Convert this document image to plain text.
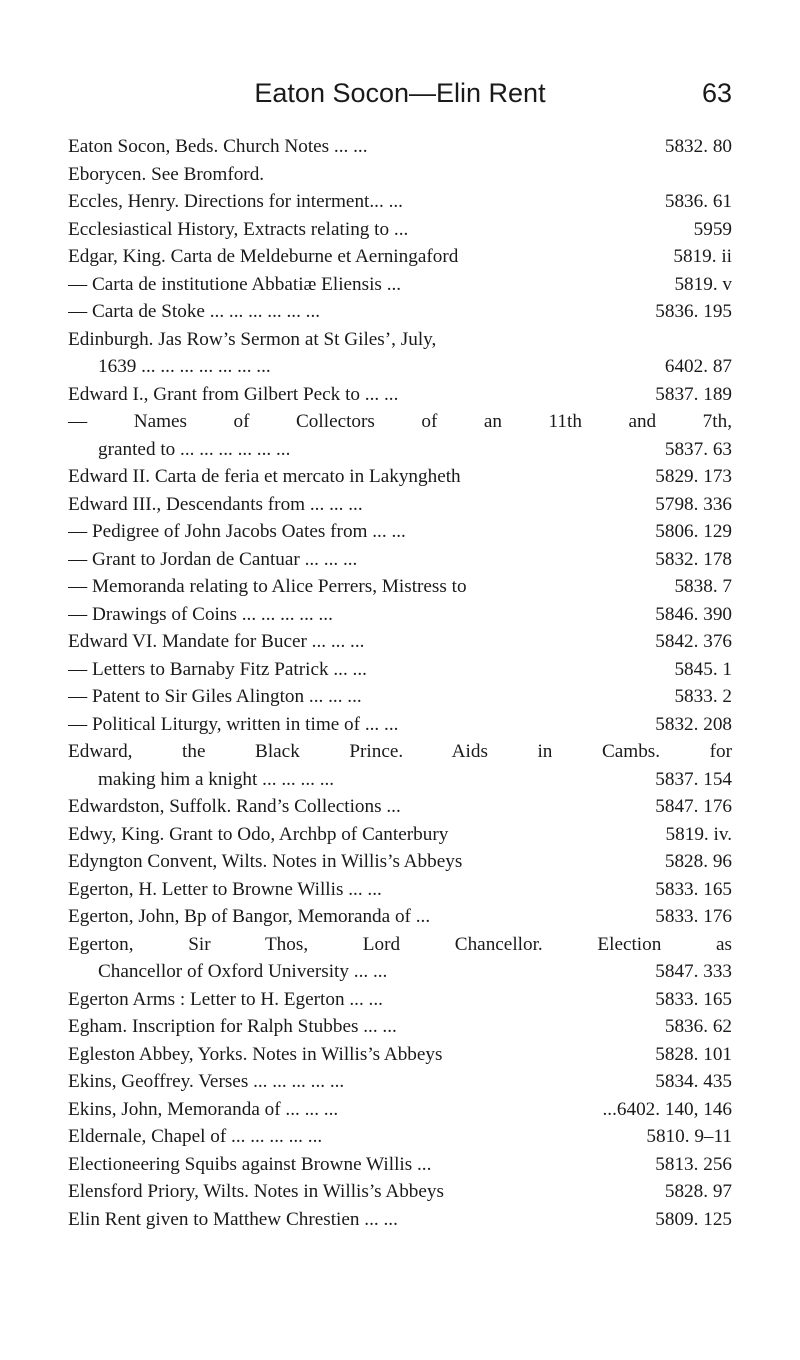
Eaton Socon—Elin Rent	63
Eaton Socon, Beds. Church Notes ... ...	5832. 80
Eborycen. See Bromford.
Eccles, Henry. Directions for interment... ...	5836. 61
Ecclesiastical History, Extracts relating to ...	5959
Edgar, King. Carta de Meldeburne et Aerningaford	5819. ii
— Carta de institutione Abbatiæ Eliensis ...	5819. v
— Carta de Stoke ... ... ... ... ... ...	5836. 195
Edinburgh. Jas Row’s Sermon at St Giles’, July,
1639 ... ... ... ... ... ... ...	6402. 87
Edward I., Grant from Gilbert Peck to ... ...	5837. 189
— Names of Collectors of an 11th and 7th,
granted to ... ... ... ... ... ...	5837. 63
Edward II. Carta de feria et mercato in Lakyngheth	5829. 173
Edward III., Descendants from ... ... ...	5798. 336
— Pedigree of John Jacobs Oates from ... ...	5806. 129
— Grant to Jordan de Cantuar ... ... ...	5832. 178
— Memoranda relating to Alice Perrers, Mistress to	5838. 7
— Drawings of Coins ... ... ... ... ...	5846. 390
Edward VI. Mandate for Bucer ... ... ...	5842. 376
— Letters to Barnaby Fitz Patrick ... ...	5845. 1
— Patent to Sir Giles Alington ... ... ...	5833. 2
— Political Liturgy, written in time of ... ...	5832. 208
Edward, the Black Prince. Aids in Cambs. for
making him a knight ... ... ... ...	5837. 154
Edwardston, Suffolk. Rand’s Collections ...	5847. 176
Edwy, King. Grant to Odo, Archbp of Canterbury	5819. iv.
Edyngton Convent, Wilts. Notes in Willis’s Abbeys	5828. 96
Egerton, H. Letter to Browne Willis ... ...	5833. 165
Egerton, John, Bp of Bangor, Memoranda of ...	5833. 176
Egerton, Sir Thos, Lord Chancellor. Election as
Chancellor of Oxford University ... ...	5847. 333
Egerton Arms : Letter to H. Egerton ... ...	5833. 165
Egham. Inscription for Ralph Stubbes ... ...	5836. 62
Egleston Abbey, Yorks. Notes in Willis’s Abbeys	5828. 101
Ekins, Geoffrey. Verses ... ... ... ... ...	5834. 435
Ekins, John, Memoranda of ... ... ...	...6402. 140, 146
Eldernale, Chapel of ... ... ... ... ...	5810. 9–11
Electioneering Squibs against Browne Willis ...	5813. 256
Elensford Priory, Wilts. Notes in Willis’s Abbeys	5828. 97
Elin Rent given to Matthew Chrestien ... ...	5809. 125
